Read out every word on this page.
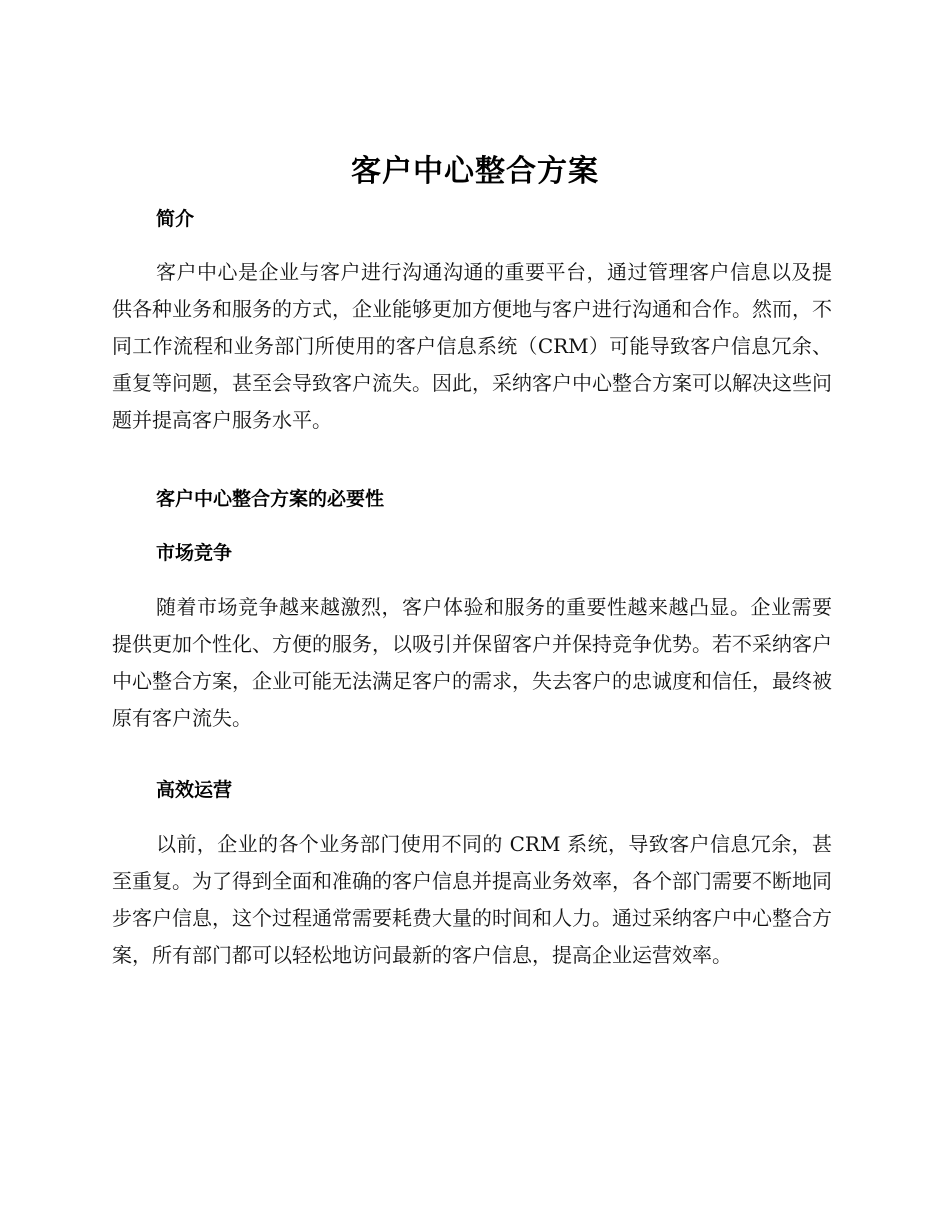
客户中心整合方案
简介

客户中心是企业与客户进行沟通沟通的重要平台，通过管理客户信息以及提供各种业务和服务的方式，企业能够更加方便地与客户进行沟通和合作。然而，不同工作流程和业务部门所使用的客户信息系统（CRM）可能导致客户信息冗余、重复等问题，甚至会导致客户流失。因此，采纳客户中心整合方案可以解决这些问题并提高客户服务水平。

客户中心整合方案的必要性
市场竞争

随着市场竞争越来越激烈，客户体验和服务的重要性越来越凸显。企业需要提供更加个性化、方便的服务，以吸引并保留客户并保持竞争优势。若不采纳客户中心整合方案，企业可能无法满足客户的需求，失去客户的忠诚度和信任，最终被原有客户流失。

高效运营

以前，企业的各个业务部门使用不同的 CRM 系统，导致客户信息冗余，甚至重复。为了得到全面和准确的客户信息并提高业务效率，各个部门需要不断地同步客户信息，这个过程通常需要耗费大量的时间和人力。通过采纳客户中心整合方案，所有部门都可以轻松地访问最新的客户信息，提高企业运营效率。
